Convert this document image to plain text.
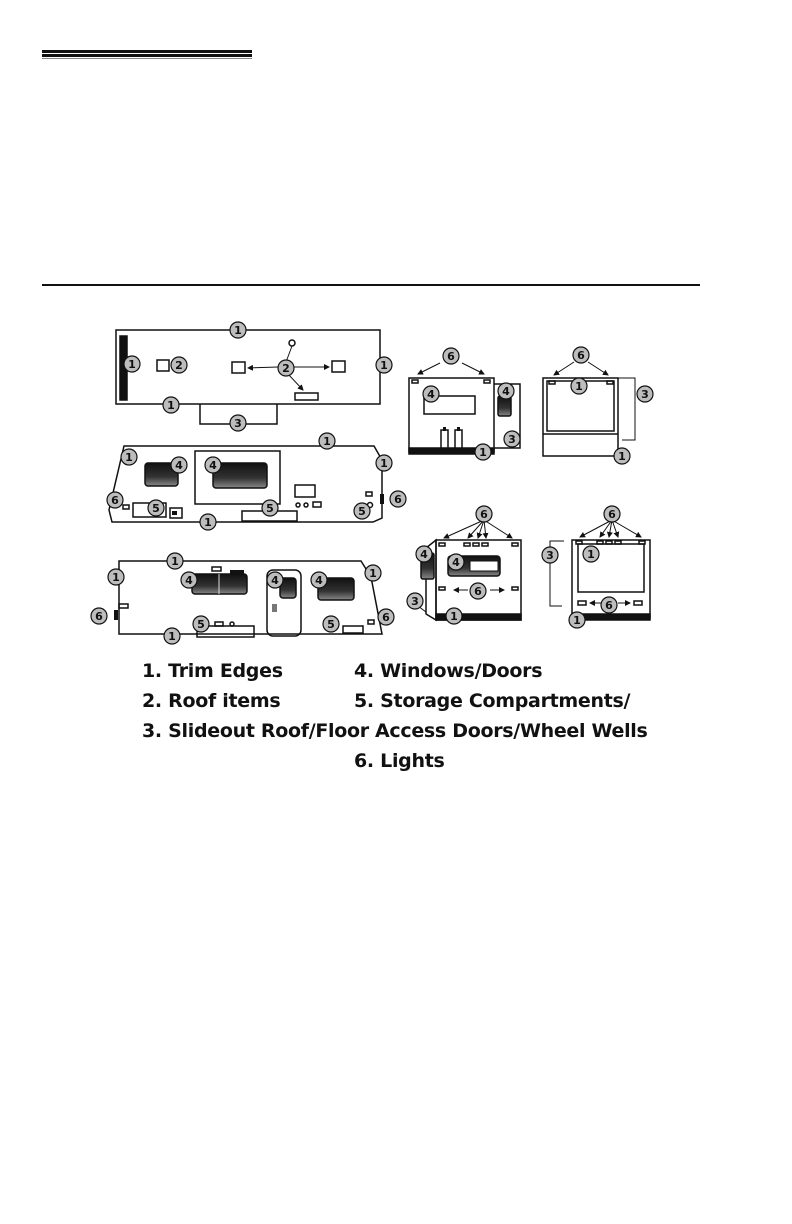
1
1	2	2	1
1
3
1
1
4 4	1
6
5	5
1
5
6
1
1	4	4	4
1
6
5	5
6
1
6
4	4
3
1
6
1
3
1
4
4
6
6
3
1
6
1
3
6
1
1. Trim Edges
2. Roof items
3. Slideout Roof/Floor
4. Windows/Doors
5. Storage Compartments/
Access Doors/Wheel Wells
6. Lights
